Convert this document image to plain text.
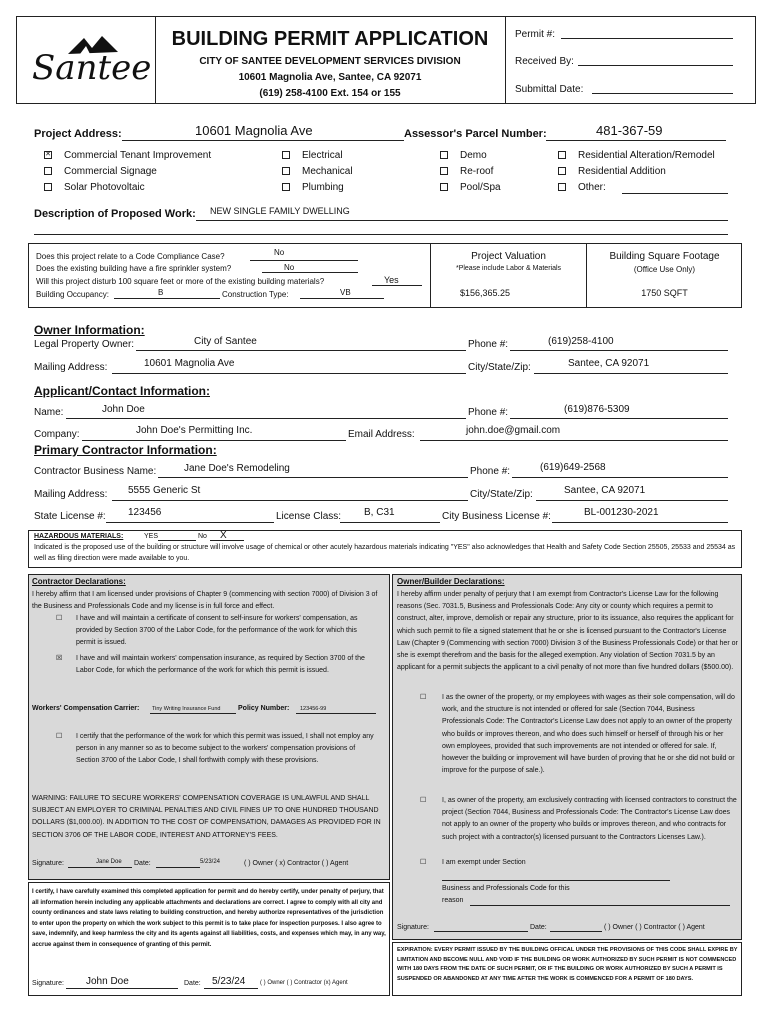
Santee
BUILDING PERMIT APPLICATION
CITY OF SANTEE DEVELOPMENT SERVICES DIVISION
10601 Magnolia Ave, Santee, CA 92071
(619) 258-4100 Ext. 154 or 155
Permit #:
Received By:
Submittal Date:
Project Address:	10601 Magnolia Ave	Assessor's Parcel Number:	481-367-59
✕ Commercial Tenant Improvement
Commercial Signage
Solar Photovoltaic
Electrical
Mechanical
Plumbing
Demo
Re-roof
Pool/Spa
Residential Alteration/Remodel
Residential Addition
Other:
Description of Proposed Work: NEW SINGLE FAMILY DWELLING
Does this project relate to a Code Compliance Case?	No
Does the existing building have a fire sprinkler system?	No
Will this project disturb 100 square feet or more of the existing building materials?	Yes
Building Occupancy:	B	Construction Type:	VB
Project Valuation
*Please include Labor & Materials
$156,365.25
Building Square Footage
(Office Use Only)
1750 SQFT
Owner Information:
Legal Property Owner:	City of Santee	Phone #:	(619)258-4100
Mailing Address:	10601 Magnolia Ave	City/State/Zip:	Santee, CA 92071
Applicant/Contact Information:
Name:	John Doe	Phone #:	(619)876-5309
Company:	John Doe's Permitting Inc.	Email Address:	john.doe@gmail.com
Primary Contractor Information:
Contractor Business Name:	Jane Doe's Remodeling	Phone #:	(619)649-2568
Mailing Address: 5555 Generic St	City/State/Zip:	Santee, CA 92071
State License #: 123456	License Class: B, C31	City Business License #:	BL-001230-2021
HAZARDOUS MATERIALS:	YES	No X
Indicated is the proposed use of the building or structure will involve usage of chemical or other acutely hazardous materials indicating "YES" also acknowledges that Health and Safety Code Section 25505, 25533 and 25534 as well as filing direction were made available to you.
Contractor Declarations:
I hereby affirm that I am licensed under provisions of Chapter 9 (commencing with section 7000) of Division 3 of the Business and Professionals Code and my license is in full force and effect.
☐ I have and will maintain a certificate of consent to self-insure for workers' compensation, as provided by Section 3700 of the Labor Code, for the performance of the work for which this permit is issued.
☒ I have and will maintain workers' compensation insurance, as required by Section 3700 of the Labor Code, for which the performance of the work for which this permit is issued.
Workers' Compensation Carrier: Tiny Writing Insurance Fund	Policy Number: 123456-99
☐ I certify that the performance of the work for which this permit was issued, I shall not employ any person in any manner so as to become subject to the workers' compensation provisions of Section 3700 of the Labor Code, I shall forthwith comply with these provisions.
WARNING: FAILURE TO SECURE WORKERS' COMPENSATION COVERAGE IS UNLAWFUL AND SHALL SUBJECT AN EMPLOYER TO CRIMINAL PENALTIES AND CIVIL FINES UP TO ONE HUNDRED THOUSAND DOLLARS ($1,000.00). IN ADDITION TO THE COST OF COMPENSATION, DAMAGES AS PROVIDED FOR IN SECTION 3706 OF THE LABOR CODE, INTEREST AND ATTORNEY'S FEES.
Signature:	Jane Doe Date:	5/23/24	( ) Owner ( x) Contractor ( ) Agent
I certify, I have carefully examined this completed application for permit and do hereby certify, under penalty of perjury, that all information herein including any applicable attachments and declarations are correct. I agree to comply with all city and county ordinances and state laws relating to building construction, and hereby authorize representatives of the jurisdiction to enter upon the property on which the work subject to this permit is to take place for inspection purposes. I also agree to save, indemnify, and keep harmless the city and its agents against all liabilities, costs, and expenses which may, in any way, accrue against them in consequence of granting of this permit.
Signature: John Doe	Date: 5/23/24 ( ) Owner ( ) Contractor (x) Agent
Owner/Builder Declarations:
I hereby affirm under penalty of perjury that I am exempt from Contractor's License Law for the following reasons (Sec. 7031.5, Business and Professionals Code: Any city or county which requires a permit to construct, alter, improve, demolish or repair any structure, prior to its issuance, also requires the applicant for which such permit to file a signed statement that he or she is licensed pursuant to the Contractor's License Law (Chapter 9 (Commencing with section 7000) Division 3 of the Business Professionals Code) or that her or she is exempt therefrom and the basis for the alleged exemption. Any violation of Section 7031.5 by an applicant for a permit subjects the applicant to a civil penalty of not more than five hundred dollars ($500.00).
☐ I as the owner of the property, or my employees with wages as their sole compensation, will do work, and the structure is not intended or offered for sale (Section 7044, Business Professionals Code: The Contractor's License Law does not apply to an owner of the property who builds or improves thereon, and who does such himself or herself of through his or her own employees, provided that such improvements are not intended or offered for sale. If, however the building or improvement will have burden of proving that he or she did not build or improve for the purpose of sale.).
☐ I, as owner of the property, am exclusively contracting with licensed contractors to construct the project (Section 7044, Business and Professionals Code: The Contractor's License Law does not apply to an owner of the property who builds or improves thereon, and who contracts for such project with a contractor(s) licensed pursuant to the Contractors Licenses Law.).
☐ I am exempt under Section
Business and Professionals Code for this reason
Signature:	Date:	( ) Owner ( ) Contractor ( ) Agent
EXPIRATION: EVERY PERMIT ISSUED BY THE BUILDING OFFICAL UNDER THE PROVISIONS OF THIS CODE SHALL EXPIRE BY LIMITATION AND BECOME NULL AND VOID IF THE BUILDING OR WORK AUTHORIZED BY SUCH PERMIT IS NOT COMMENCED WITH 180 DAYS FROM THE DATE OF SUCH PERMIT, OR IF THE BUILDING OR WORK AUTHORIZED BY SUCH A PERMIT IS SUSPENDED OR ABANDONED AT ANY TIME AFTER THE WORK IS COMMENCED FOR A PERMIT OF 180 DAYS.
